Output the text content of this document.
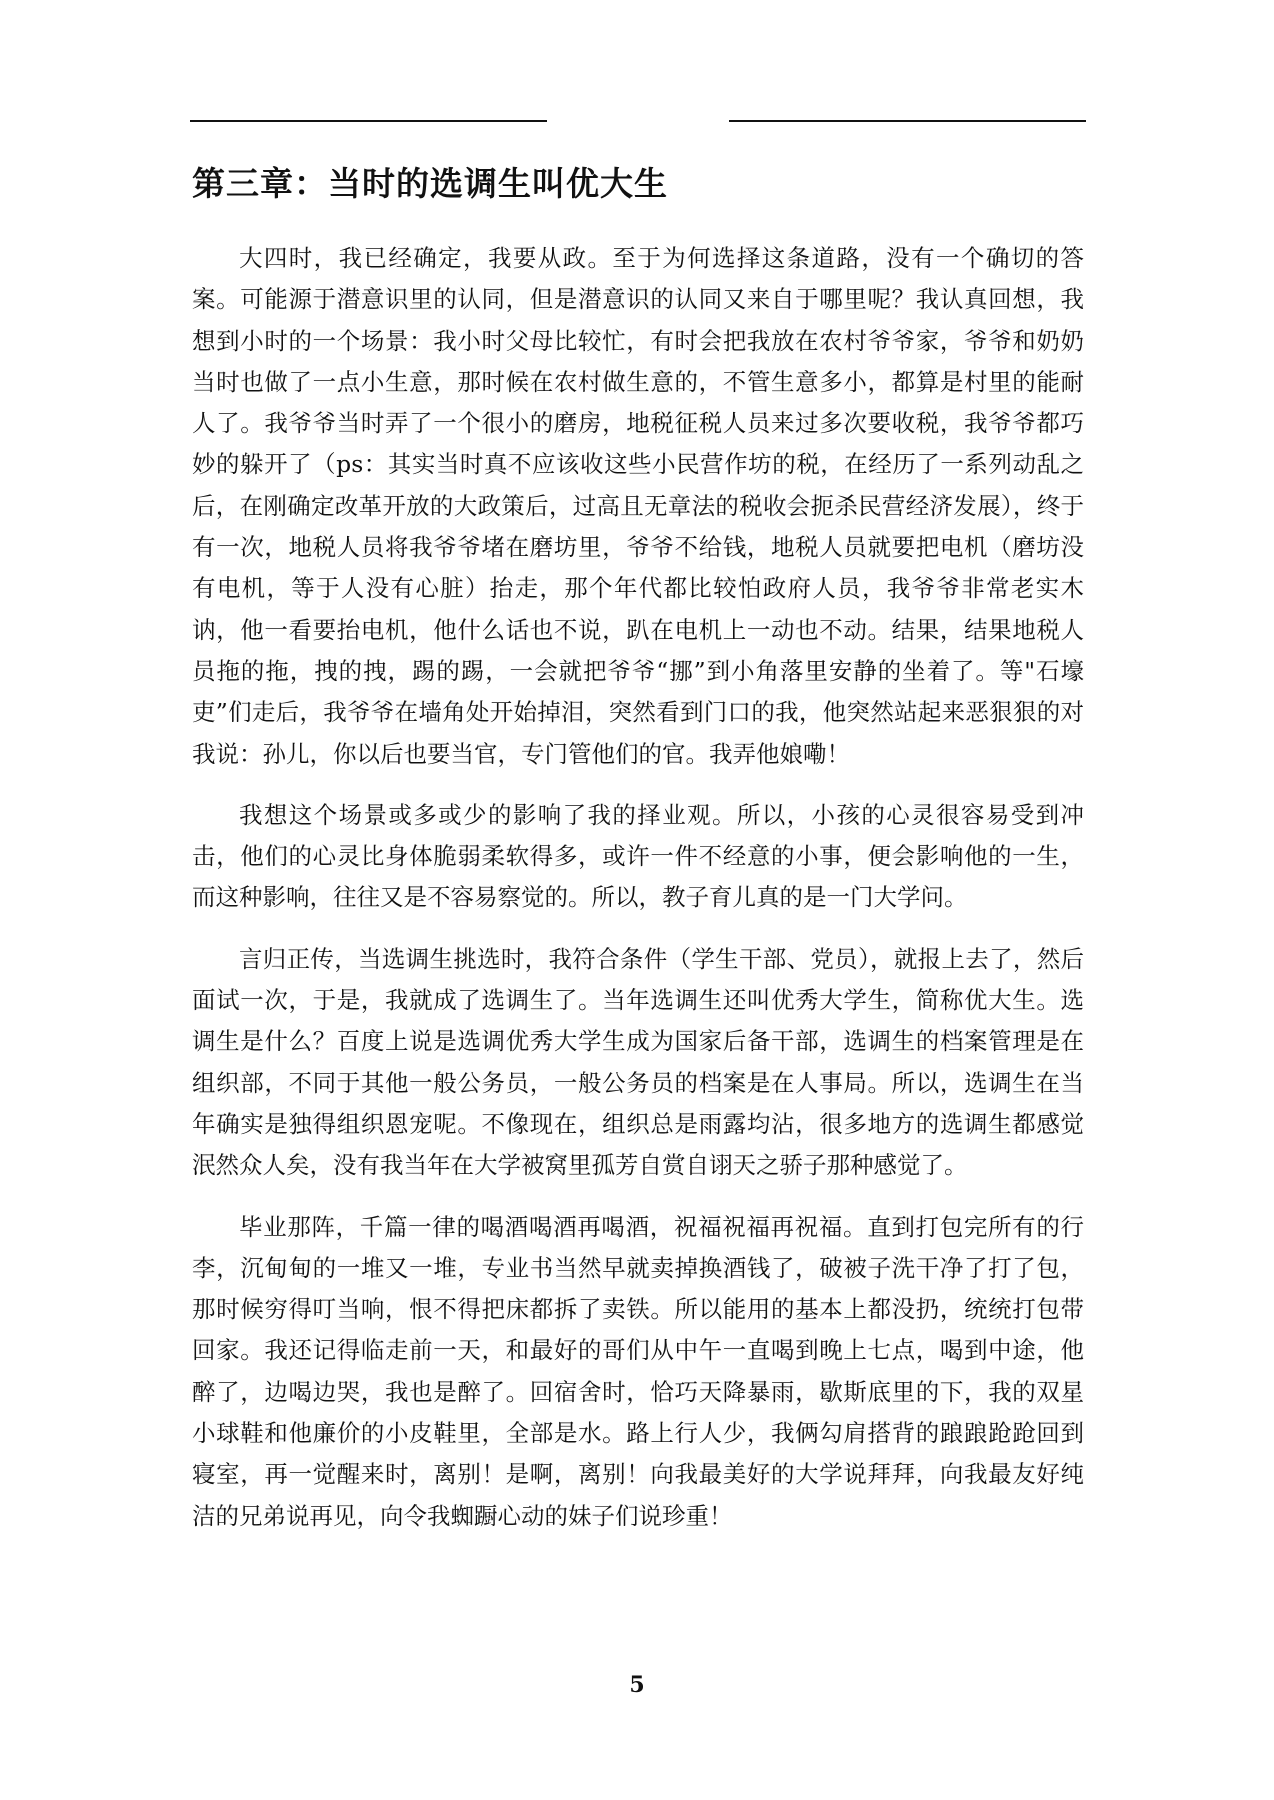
第三章：当时的选调生叫优大生

大四时，我已经确定，我要从政。至于为何选择这条道路，没有一个确切的答案。可能源于潜意识里的认同，但是潜意识的认同又来自于哪里呢？我认真回想，我想到小时的一个场景：我小时父母比较忙，有时会把我放在农村爷爷家，爷爷和奶奶当时也做了一点小生意，那时候在农村做生意的，不管生意多小，都算是村里的能耐人了。我爷爷当时弄了一个很小的磨房，地税征税人员来过多次要收税，我爷爷都巧妙的躲开了（ps：其实当时真不应该收这些小民营作坊的税，在经历了一系列动乱之后，在刚确定改革开放的大政策后，过高且无章法的税收会扼杀民营经济发展），终于有一次，地税人员将我爷爷堵在磨坊里，爷爷不给钱，地税人员就要把电机（磨坊没有电机，等于人没有心脏）抬走，那个年代都比较怕政府人员，我爷爷非常老实木讷，他一看要抬电机，他什么话也不说，趴在电机上一动也不动。结果，结果地税人员拖的拖，拽的拽，踢的踢，一会就把爷爷“挪”到小角落里安静的坐着了。等"石壕吏”们走后，我爷爷在墙角处开始掉泪，突然看到门口的我，他突然站起来恶狠狠的对我说：孙儿，你以后也要当官，专门管他们的官。我弄他娘嘞！

我想这个场景或多或少的影响了我的择业观。所以，小孩的心灵很容易受到冲击，他们的心灵比身体脆弱柔软得多，或许一件不经意的小事，便会影响他的一生，而这种影响，往往又是不容易察觉的。所以，教子育儿真的是一门大学问。

言归正传，当选调生挑选时，我符合条件（学生干部、党员），就报上去了，然后面试一次，于是，我就成了选调生了。当年选调生还叫优秀大学生，简称优大生。选调生是什么？百度上说是选调优秀大学生成为国家后备干部，选调生的档案管理是在组织部，不同于其他一般公务员，一般公务员的档案是在人事局。所以，选调生在当年确实是独得组织恩宠呢。不像现在，组织总是雨露均沾，很多地方的选调生都感觉泯然众人矣，没有我当年在大学被窝里孤芳自赏自诩天之骄子那种感觉了。

毕业那阵，千篇一律的喝酒喝酒再喝酒，祝福祝福再祝福。直到打包完所有的行李，沉甸甸的一堆又一堆，专业书当然早就卖掉换酒钱了，破被子洗干净了打了包，那时候穷得叮当响，恨不得把床都拆了卖铁。所以能用的基本上都没扔，统统打包带回家。我还记得临走前一天，和最好的哥们从中午一直喝到晚上七点，喝到中途，他醉了，边喝边哭，我也是醉了。回宿舍时，恰巧天降暴雨，歇斯底里的下，我的双星小球鞋和他廉价的小皮鞋里，全部是水。路上行人少，我俩勾肩搭背的踉踉跄跄回到寝室，再一觉醒来时，离别！是啊，离别！向我最美好的大学说拜拜，向我最友好纯洁的兄弟说再见，向令我蜘蹰心动的妹子们说珍重！

5
